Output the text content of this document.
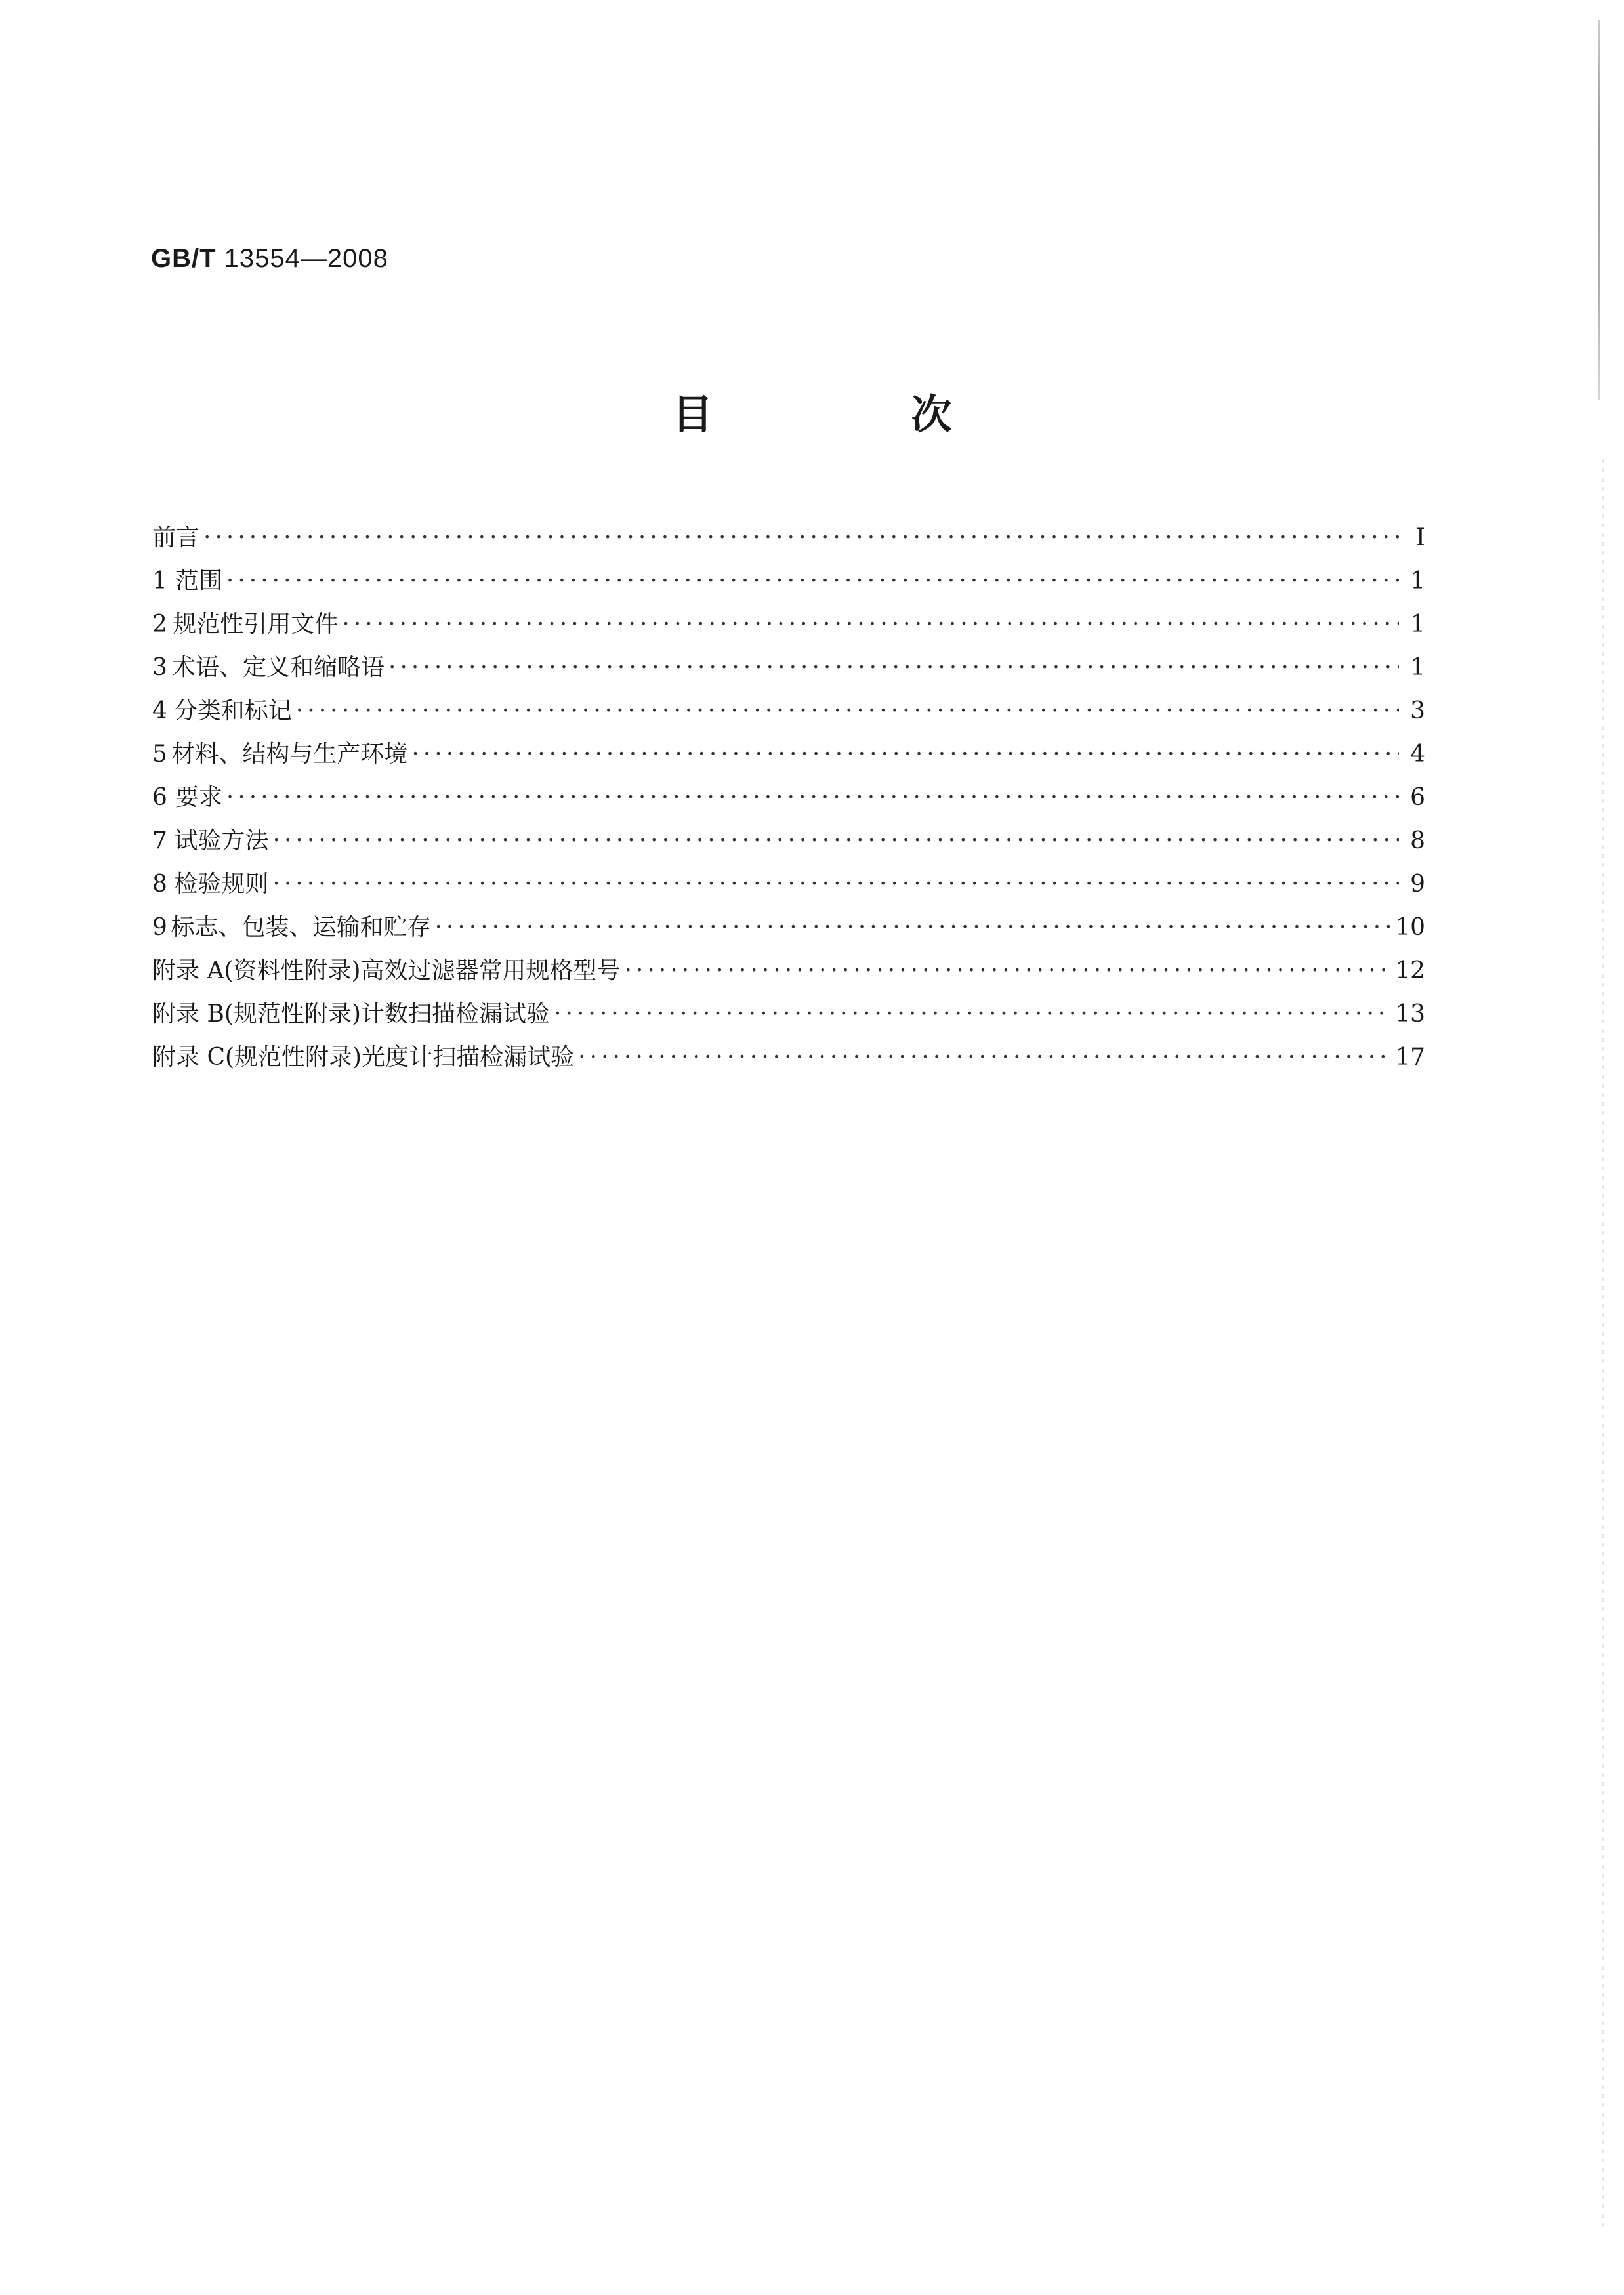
GB/T 13554—2008
目　次
前言 ·····	Ⅰ
1 范围 ·····	1
2 规范性引用文件 ·····	1
3 术语、定义和缩略语 ·····	1
4 分类和标记 ·····	3
5 材料、结构与生产环境 ·····	4
6 要求 ·····	6
7 试验方法 ·····	8
8 检验规则 ·····	9
9 标志、包装、运输和贮存 ·····	10
附录 A(资料性附录) 高效过滤器常用规格型号 ·····	12
附录 B(规范性附录) 计数扫描检漏试验 ·····	13
附录 C(规范性附录) 光度计扫描检漏试验 ·····	17
